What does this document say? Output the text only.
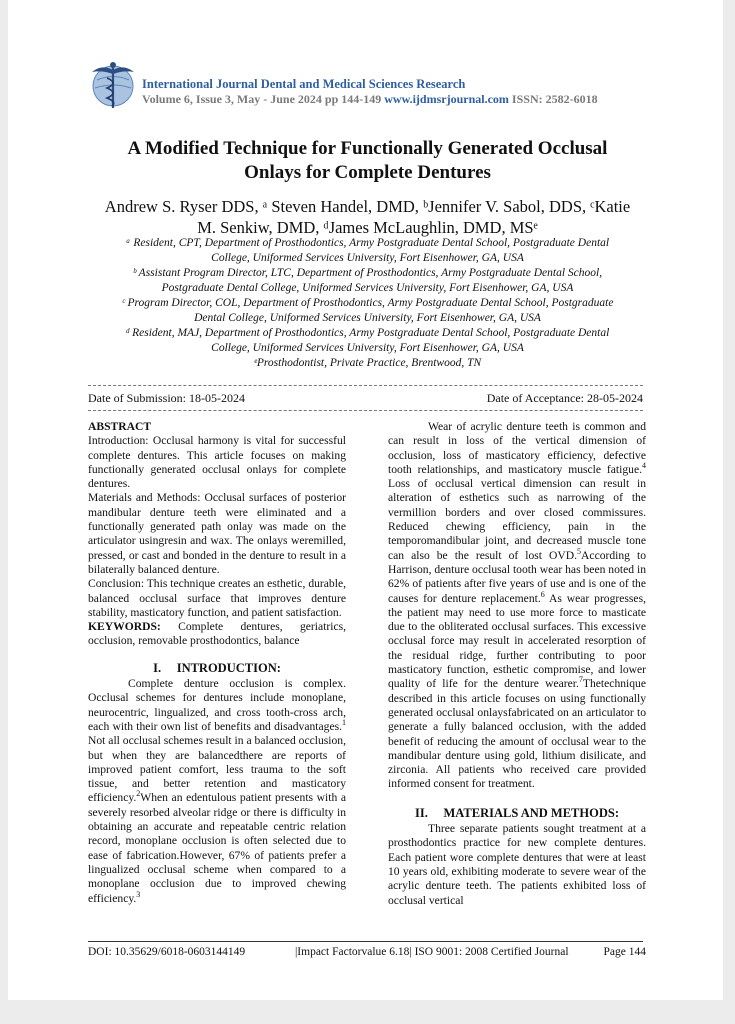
International Journal Dental and Medical Sciences Research
Volume 6, Issue 3, May - June 2024 pp 144-149 www.ijdmsrjournal.com ISSN: 2582-6018
A Modified Technique for Functionally Generated Occlusal
Onlays for Complete Dentures
Andrew S. Ryser DDS, ᵃ Steven Handel, DMD, ᵇJennifer V. Sabol, DDS, ᶜKatie
M. Senkiw, DMD, ᵈJames McLaughlin, DMD, MSᵉ
ᵃ Resident, CPT, Department of Prosthodontics, Army Postgraduate Dental School, Postgraduate Dental
College, Uniformed Services University, Fort Eisenhower, GA, USA
ᵇ Assistant Program Director, LTC, Department of Prosthodontics, Army Postgraduate Dental School,
Postgraduate Dental College, Uniformed Services University, Fort Eisenhower, GA, USA
ᶜ Program Director, COL, Department of Prosthodontics, Army Postgraduate Dental School, Postgraduate
Dental College, Uniformed Services University, Fort Eisenhower, GA, USA
ᵈ Resident, MAJ, Department of Prosthodontics, Army Postgraduate Dental School, Postgraduate Dental
College, Uniformed Services University, Fort Eisenhower, GA, USA
ᵉProsthodontist, Private Practice, Brentwood, TN
Date of Submission: 18-05-2024	Date of Acceptance: 28-05-2024

ABSTRACT

Introduction: Occlusal harmony is vital for successful complete dentures. This article focuses on making functionally generated occlusal onlays for complete dentures.

Materials and Methods: Occlusal surfaces of posterior mandibular denture teeth were eliminated and a functionally generated path onlay was made on the articulator usingresin and wax. The onlays weremilled, pressed, or cast and bonded in the denture to result in a bilaterally balanced denture.

Conclusion: This technique creates an esthetic, durable, balanced occlusal surface that improves denture stability, masticatory function, and patient satisfaction.

KEYWORDS: Complete dentures, geriatrics, occlusion, removable prosthodontics, balance

I.     INTRODUCTION:

Complete denture occlusion is complex. Occlusal schemes for dentures include monoplane, neurocentric, lingualized, and cross tooth-cross arch, each with their own list of benefits and disadvantages.$^1$ Not all occlusal schemes result in a balanced occlusion, but when they are balancedthere are reports of improved patient comfort, less trauma to the soft tissue, and better retention and masticatory efficiency.$^2$When an edentulous patient presents with a severely resorbed alveolar ridge or there is difficulty in obtaining an accurate and repeatable centric relation record, monoplane occlusion is often selected due to ease of fabrication.However, 67% of patients prefer a lingualized occlusal scheme when compared to a monoplane occlusion due to improved chewing efficiency.$^3$

Wear of acrylic denture teeth is common and can result in loss of the vertical dimension of occlusion, loss of masticatory efficiency, defective tooth relationships, and masticatory muscle fatigue.$^4$ Loss of occlusal vertical dimension can result in alteration of esthetics such as narrowing of the vermillion borders and over closed commissures. Reduced chewing efficiency, pain in the temporomandibular joint, and decreased muscle tone can also be the result of lost OVD.$^5$According to Harrison, denture occlusal tooth wear has been noted in 62% of patients after five years of use and is one of the causes for denture replacement.$^6$ As wear progresses, the patient may need to use more force to masticate due to the obliterated occlusal surfaces. This excessive occlusal force may result in accelerated resorption of the residual ridge, further contributing to poor masticatory function, esthetic compromise, and lower quality of life for the denture wearer.$^7$Thetechnique described in this article focuses on using functionally generated occlusal onlaysfabricated on an articulator to generate a fully balanced occlusion, with the added benefit of reducing the amount of occlusal wear to the mandibular denture using gold, lithium disilicate, and zirconia. All patients who received care provided informed consent for treatment.

II.     MATERIALS AND METHODS:

Three separate patients sought treatment at a prosthodontics practice for new complete dentures. Each patient wore complete dentures that were at least 10 years old, exhibiting moderate to severe wear of the acrylic denture teeth. The patients exhibited loss of occlusal vertical

DOI: 10.35629/6018-0603144149	|Impact Factorvalue 6.18| ISO 9001: 2008 Certified Journal	Page 144
